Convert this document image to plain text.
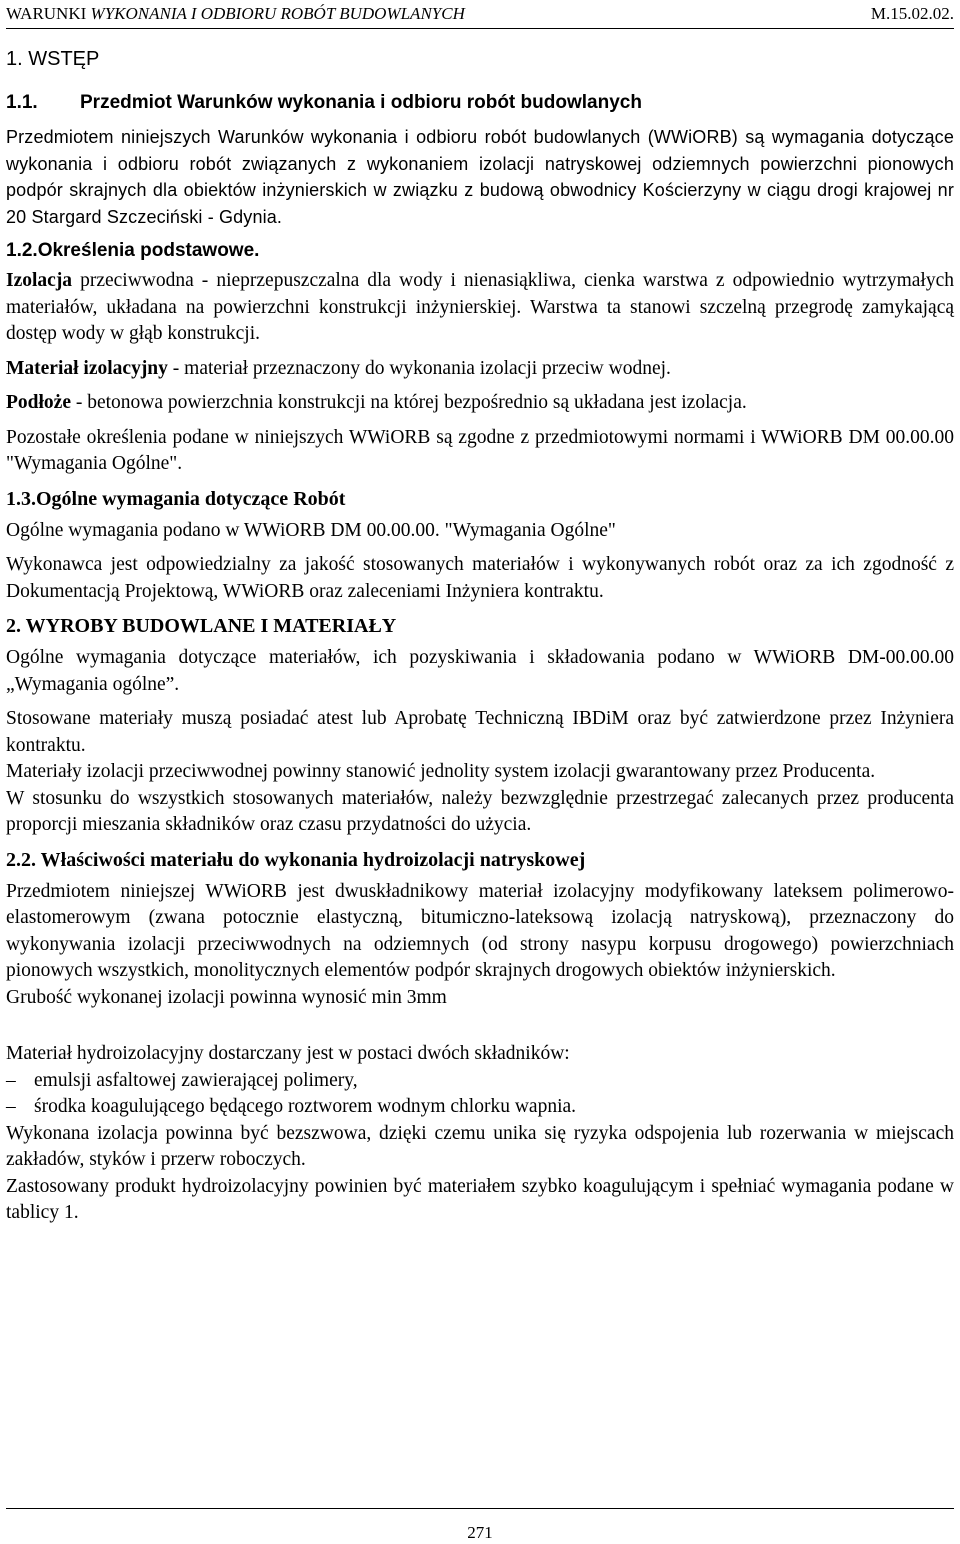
WARUNKI WYKONANIA I ODBIORU ROBÓT BUDOWLANYCH	M.15.02.02.
1. WSTĘP
1.1. Przedmiot Warunków wykonania i odbioru robót budowlanych

Przedmiotem niniejszych Warunków wykonania i odbioru robót budowlanych (WWiORB) są wymagania dotyczące wykonania i odbioru robót związanych z wykonaniem izolacji natryskowej odziemnych powierzchni pionowych podpór skrajnych dla obiektów inżynierskich w związku z budową obwodnicy Kościerzyny w ciągu drogi krajowej nr 20 Stargard Szczeciński - Gdynia.

1.2.Określenia podstawowe.

Izolacja przeciwwodna - nieprzepuszczalna dla wody i nienasiąkliwa, cienka warstwa z odpowiednio wytrzymałych materiałów, układana na powierzchni konstrukcji inżynierskiej. Warstwa ta stanowi szczelną przegrodę zamykającą dostęp wody w głąb konstrukcji.

Materiał izolacyjny - materiał przeznaczony do wykonania izolacji przeciw wodnej.

Podłoże - betonowa powierzchnia konstrukcji na której bezpośrednio są układana jest izolacja.

Pozostałe określenia podane w niniejszych WWiORB są zgodne z przedmiotowymi normami i WWiORB DM 00.00.00 "Wymagania Ogólne".

1.3.Ogólne wymagania dotyczące Robót

Ogólne wymagania podano w WWiORB DM 00.00.00. "Wymagania Ogólne"

Wykonawca jest odpowiedzialny za jakość stosowanych materiałów i wykonywanych robót oraz za ich zgodność z Dokumentacją Projektową, WWiORB oraz zaleceniami Inżyniera kontraktu.

2. WYROBY BUDOWLANE I MATERIAŁY

Ogólne wymagania dotyczące materiałów, ich pozyskiwania i składowania podano w WWiORB DM-00.00.00 „Wymagania ogólne”.

Stosowane materiały muszą posiadać atest lub Aprobatę Techniczną IBDiM oraz być zatwierdzone przez Inżyniera kontraktu.

Materiały izolacji przeciwwodnej powinny stanowić jednolity system izolacji gwarantowany przez Producenta.

W stosunku do wszystkich stosowanych materiałów, należy bezwzględnie przestrzegać zalecanych przez producenta proporcji mieszania składników oraz czasu przydatności do użycia.

2.2. Właściwości materiału do wykonania hydroizolacji natryskowej

Przedmiotem niniejszej WWiORB jest dwuskładnikowy materiał izolacyjny modyfikowany lateksem polimerowo-elastomerowym (zwana potocznie elastyczną, bitumiczno-lateksową izolacją natryskową), przeznaczony do wykonywania izolacji przeciwwodnych na odziemnych (od strony nasypu korpusu drogowego) powierzchniach pionowych wszystkich, monolitycznych elementów podpór skrajnych drogowych obiektów inżynierskich.

Grubość wykonanej izolacji powinna wynosić min 3mm

Materiał hydroizolacyjny dostarczany jest w postaci dwóch składników:

– emulsji asfaltowej zawierającej polimery,
– środka koagulującego będącego roztworem wodnym chlorku wapnia.

Wykonana izolacja powinna być bezszwowa, dzięki czemu unika się ryzyka odspojenia lub rozerwania w miejscach zakładów, styków i przerw roboczych.

Zastosowany produkt hydroizolacyjny powinien być materiałem szybko koagulującym i spełniać wymagania podane w tablicy 1.

271
